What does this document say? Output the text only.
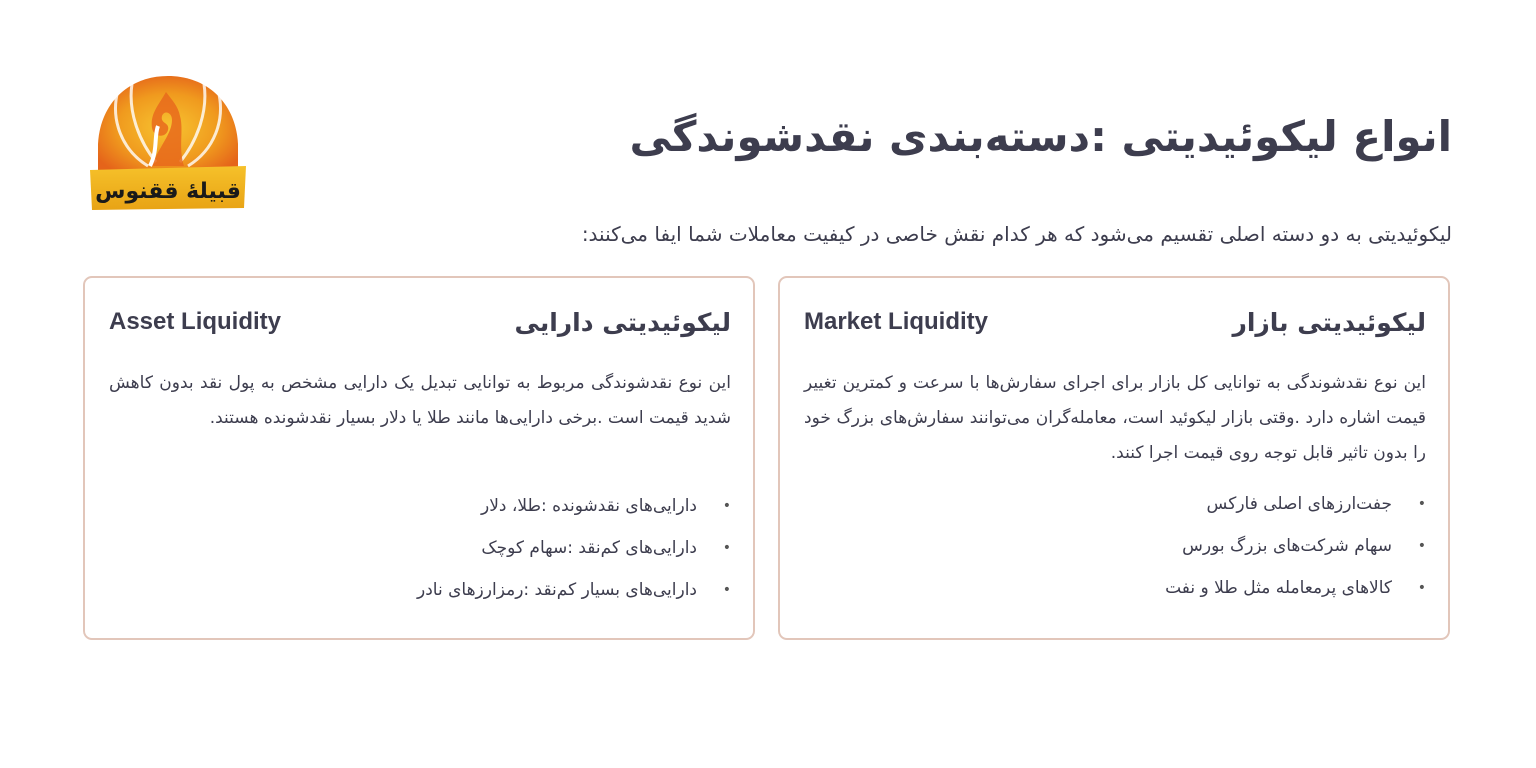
قبیلهٔ ققنوس
انواع لیکوئیدیتی :دسته‌بندی نقدشوندگی
لیکوئیدیتی به دو دسته اصلی تقسیم می‌شود که هر کدام نقش خاصی در کیفیت معاملات شما ایفا می‌کنند:
Market Liquidity	لیکوئیدیتی بازار
این نوع نقدشوندگی به توانایی کل بازار برای اجرای سفارش‌ها با سرعت و کمترین تغییر قیمت اشاره دارد .وقتی بازار لیکوئید است، معامله‌گران می‌توانند سفارش‌های بزرگ خود را بدون تاثیر قابل توجه روی قیمت اجرا کنند.
• جفت‌ارزهای اصلی فارکس
• سهام شرکت‌های بزرگ بورس
• کالاهای پرمعامله مثل طلا و نفت
Asset Liquidity	لیکوئیدیتی دارایی
این نوع نقدشوندگی مربوط به توانایی تبدیل یک دارایی مشخص به پول نقد بدون کاهش شدید قیمت است .برخی دارایی‌ها مانند طلا یا دلار بسیار نقدشونده هستند.
• دارایی‌های نقدشونده :طلا، دلار
• دارایی‌های کم‌نقد :سهام کوچک
• دارایی‌های بسیار کم‌نقد :رمزارزهای نادر
